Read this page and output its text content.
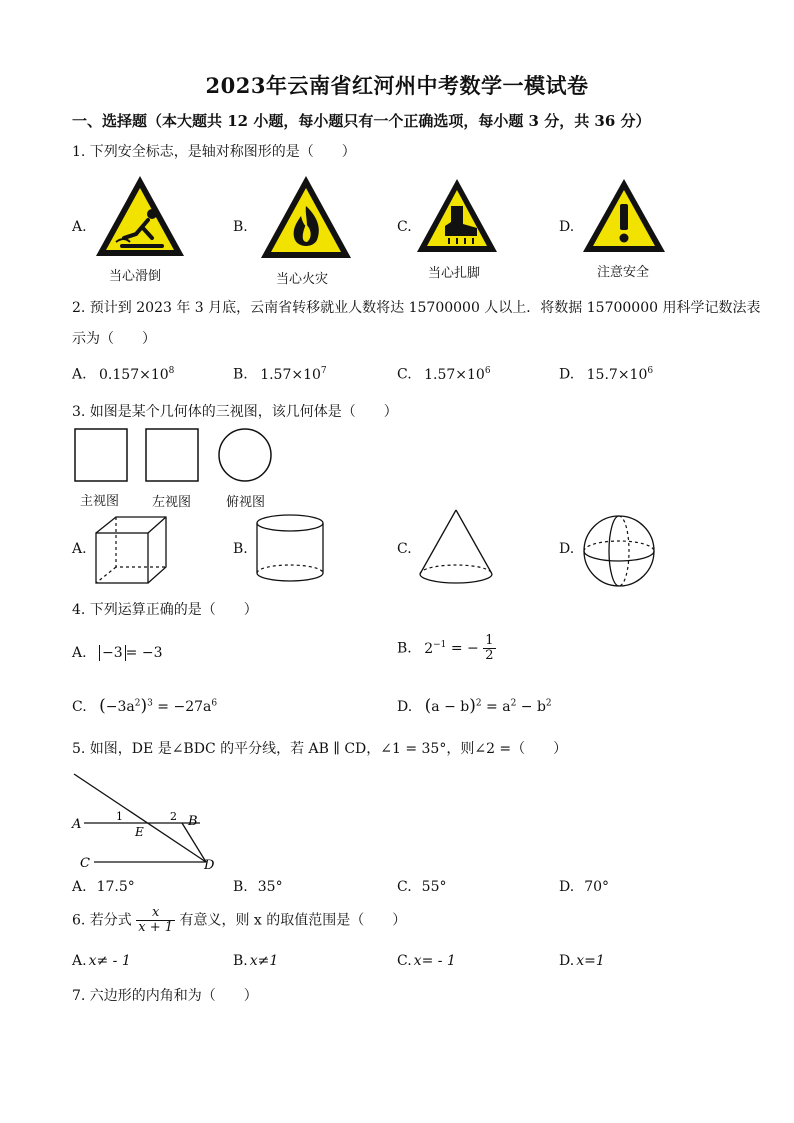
2023年云南省红河州中考数学一模试卷
一、选择题（本大题共 12 小题，每小题只有一个正确选项，每小题 3 分，共 36 分）
1. 下列安全标志，是轴对称图形的是（　　）
A.
当心滑倒
B.
当心火灾
C.
当心扎脚
D.
注意安全
2. 预计到 2023 年 3 月底，云南省转移就业人数将达 15700000 人以上．将数据 15700000 用科学记数法表
示为（　　）
A. $0.157\times 10^8$	B. $1.57\times 10^7$	C. $1.57\times 10^6$	D. $15.7\times 10^6$
3. 如图是某个几何体的三视图，该几何体是（　　）
主视图	左视图	俯视图
A.	B.	C.	D.
4. 下列运算正确的是（　　）
A. −3 = −3	B. $2^{-1}$ = − $\frac{1}{2}$
C. $(-3a^2)^3 = -27a^6$	D. $(a - b)^2 = a^2 - b^2$
5. 如图，DE 是∠BDC 的平分线，若 AB ∥ CD，∠1 = 35°，则∠2 =（　　）
A	B
C	D
E
1	2
A. 17.5°	B. 35°	C. 55°	D. 70°
6. 若分式 $\frac{x}{x + 1}$ 有意义，则 x 的取值范围是（　　）
A. x≠ - 1	B. x≠1	C. x= - 1	D. x=1
7. 六边形的内角和为（　　）
